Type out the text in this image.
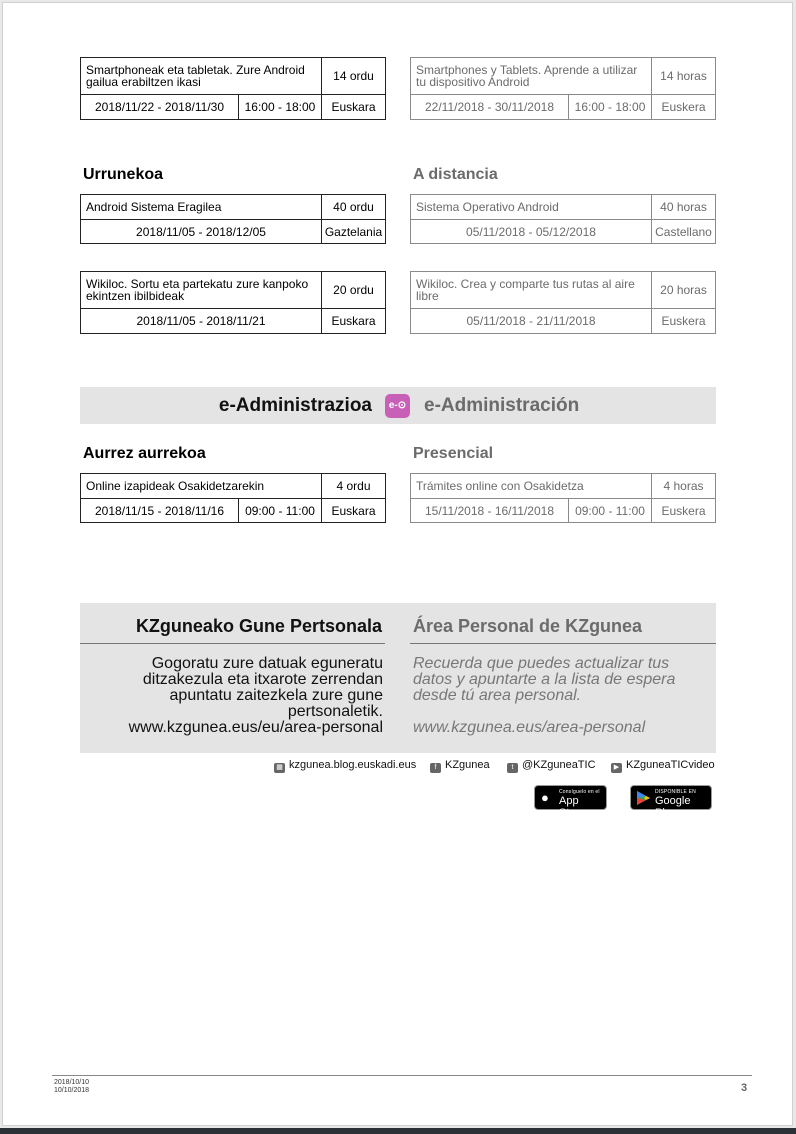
Smartphoneak eta tabletak. Zure Android gailua erabiltzen ikasi		14 ordu
2018/11/22 - 2018/11/30	16:00 - 18:00	Euskara
Smartphones y Tablets. Aprende a utilizar tu dispositivo Android		14 horas
22/11/2018 - 30/11/2018	16:00 - 18:00	Euskera
Urrunekoa	A distancia
Android Sistema Eragilea	40 ordu
2018/11/05 - 2018/12/05	Gaztelania
Sistema Operativo Android	40 horas
05/11/2018 - 05/12/2018	Castellano
Wikiloc. Sortu eta partekatu zure kanpoko ekintzen ibilbideak	20 ordu
2018/11/05 - 2018/11/21	Euskara
Wikiloc. Crea y comparte tus rutas al aire libre	20 horas
05/11/2018 - 21/11/2018	Euskera
e-Administrazioa	e-⊙ e-Administración
Aurrez aurrekoa	Presencial
Online izapideak Osakidetzarekin		4 ordu
2018/11/15 - 2018/11/16	09:00 - 11:00	Euskara
Trámites online con Osakidetza		4 horas
15/11/2018 - 16/11/2018	09:00 - 11:00	Euskera
KZguneako Gune Pertsonala Área Personal de KZgunea
Gogoratu zure datuak eguneratu
ditzakezula eta itxarote zerrendan
apuntatu zaitezkela zure gune
pertsonaletik.
www.kzgunea.eus/eu/area-personal
Recuerda que puedes actualizar tus
datos y apuntarte a la lista de espera
desde tú area personal.
www.kzgunea.eus/area-personal
▦ kzgunea.blog.euskadi.eus	f KZgunea	t @KZguneaTIC	▶ KZguneaTICvideo
● Consíguelo en el
App Store
DISPONIBLE EN
Google Play
2018/10/10
10/10/2018	3
